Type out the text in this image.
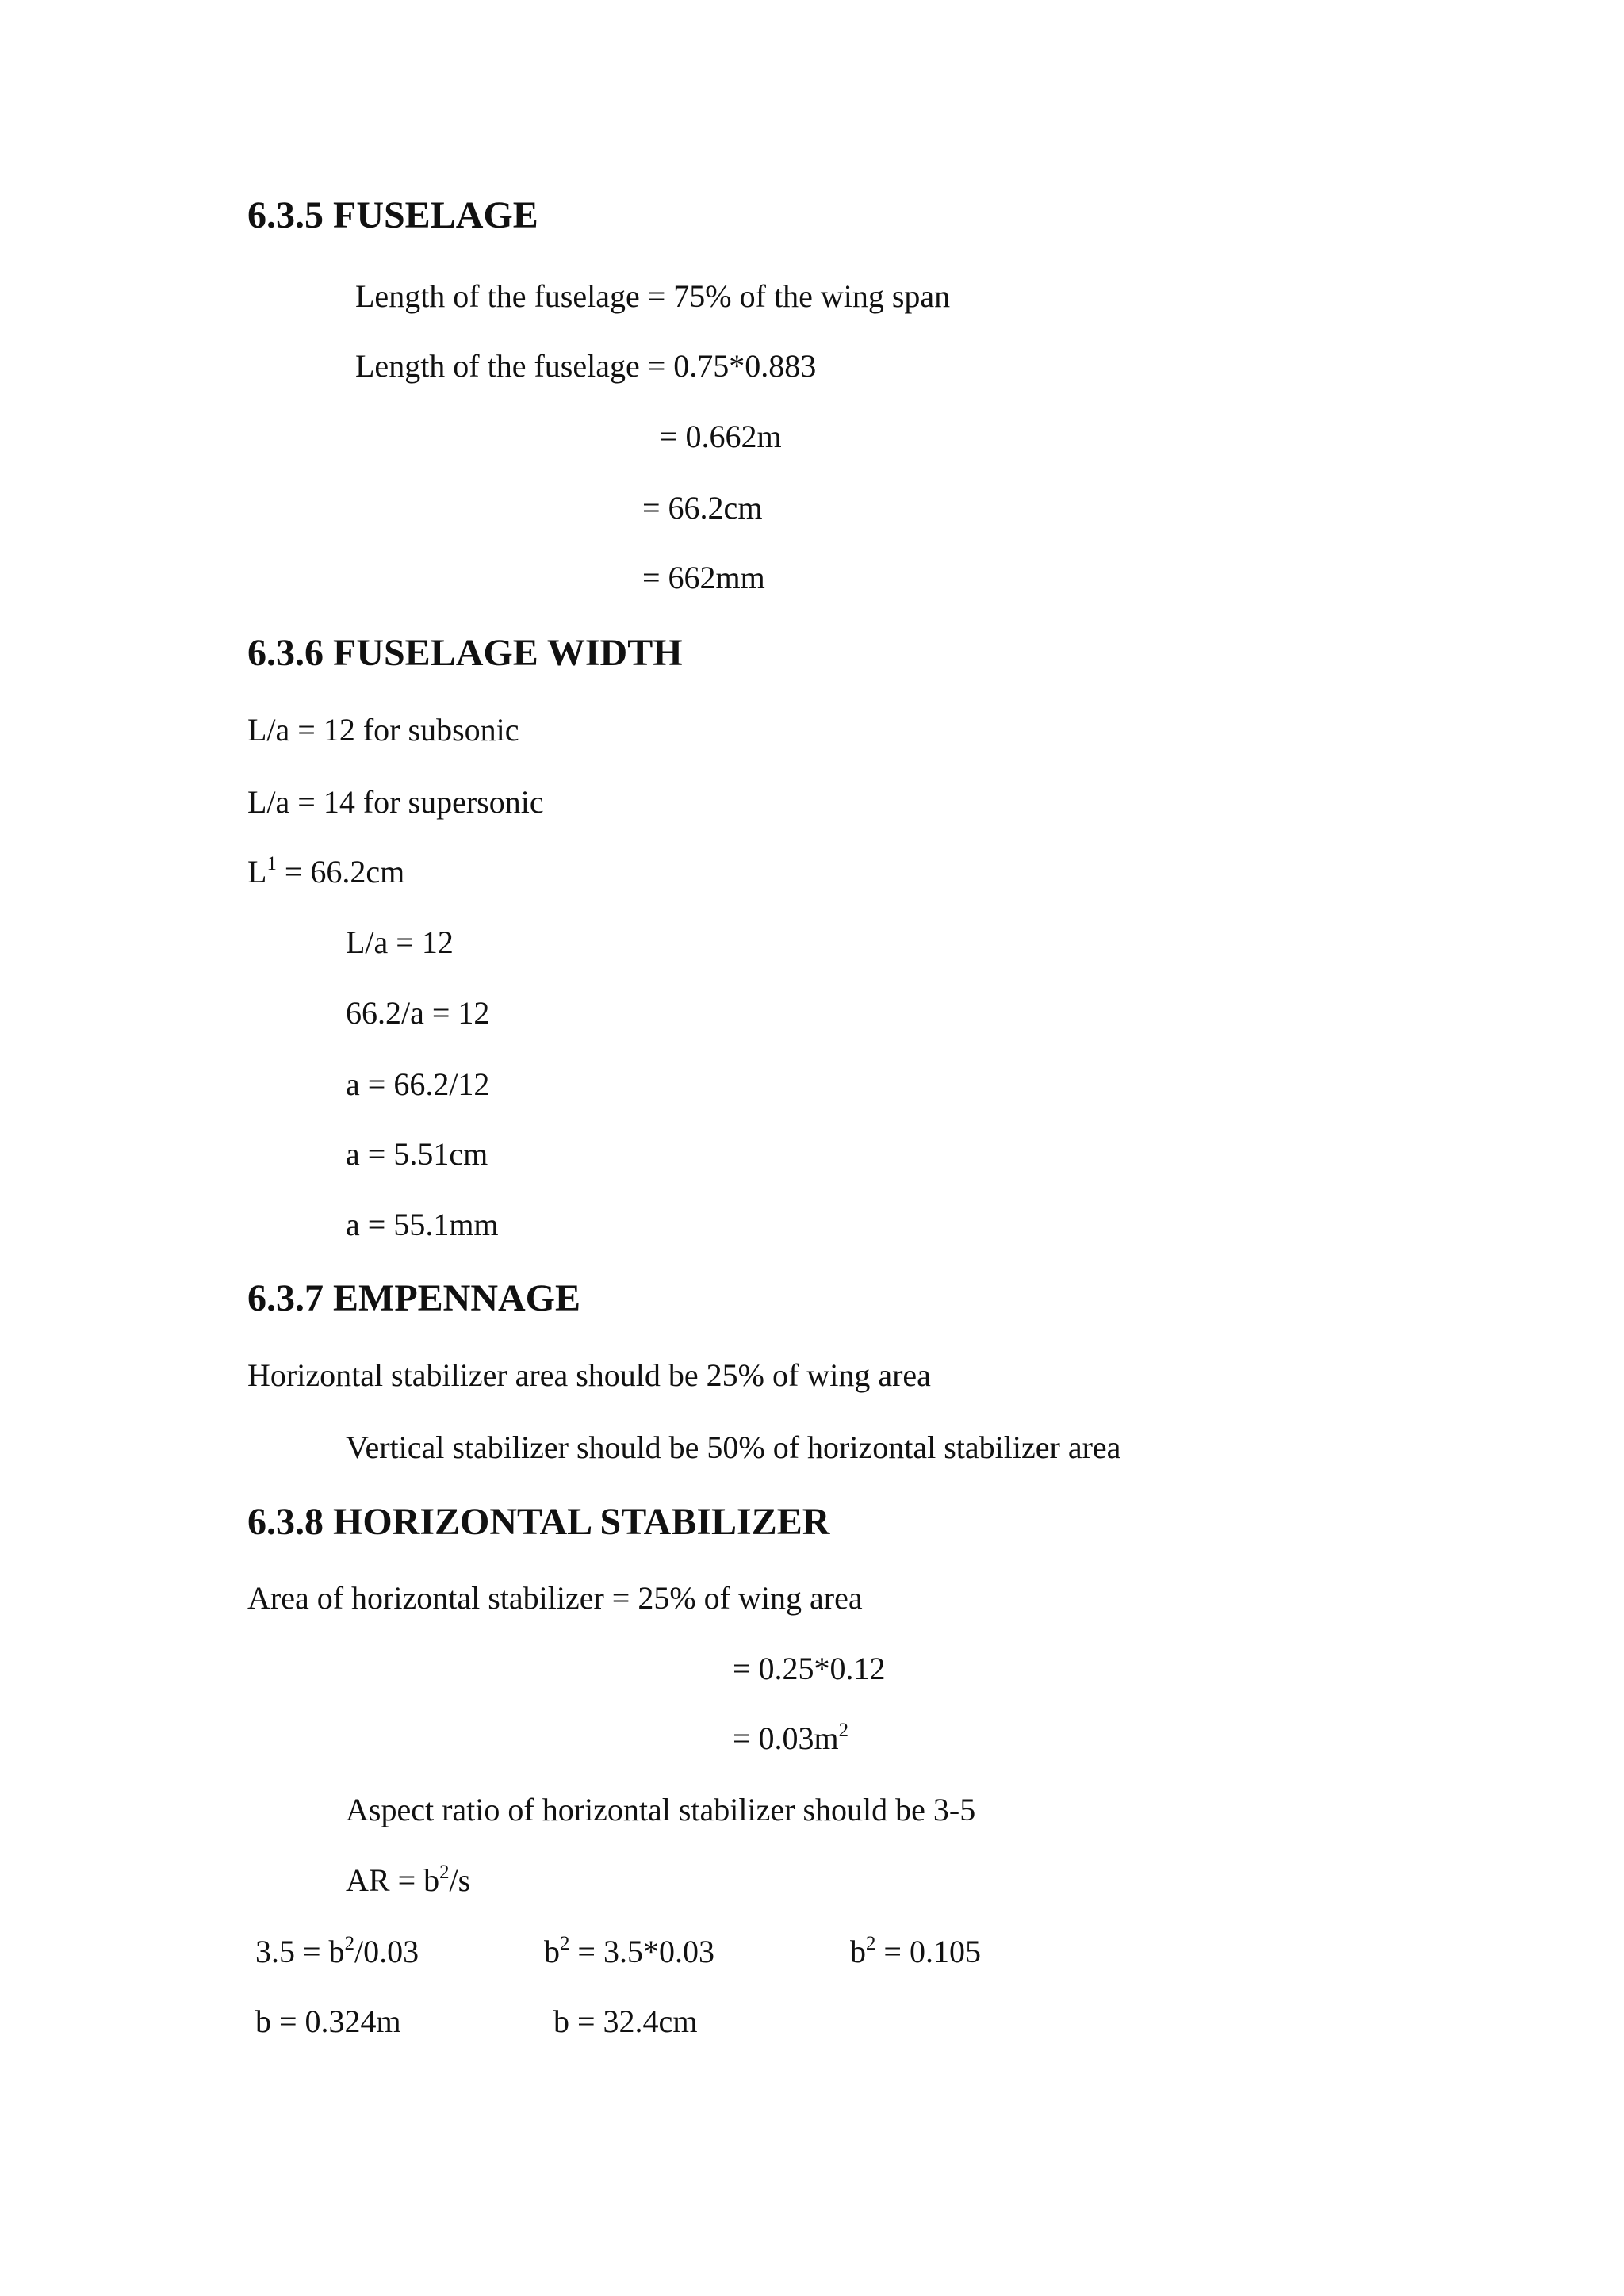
6.3.5 FUSELAGE
Length of the fuselage = 75% of the wing span
Length of the fuselage = 0.75*0.883
= 0.662m
= 66.2cm
= 662mm
6.3.6 FUSELAGE WIDTH
L/a = 12 for subsonic
L/a = 14 for supersonic
$L^1 = 66.2cm$
L/a = 12
66.2/a = 12
a = 66.2/12
a = 5.51cm
a = 55.1mm
6.3.7 EMPENNAGE
Horizontal stabilizer area should be 25% of wing area
Vertical stabilizer should be 50% of horizontal stabilizer area
6.3.8 HORIZONTAL STABILIZER
Area of horizontal stabilizer = 25% of wing area
= 0.25*0.12
= $0.03m^2$
Aspect ratio of horizontal stabilizer should be 3-5
AR = $b^2/s$
$3.5 = b^2/0.03$	$b^2 = 3.5*0.03$	$b^2 = 0.105$
b = 0.324m	b = 32.4cm
